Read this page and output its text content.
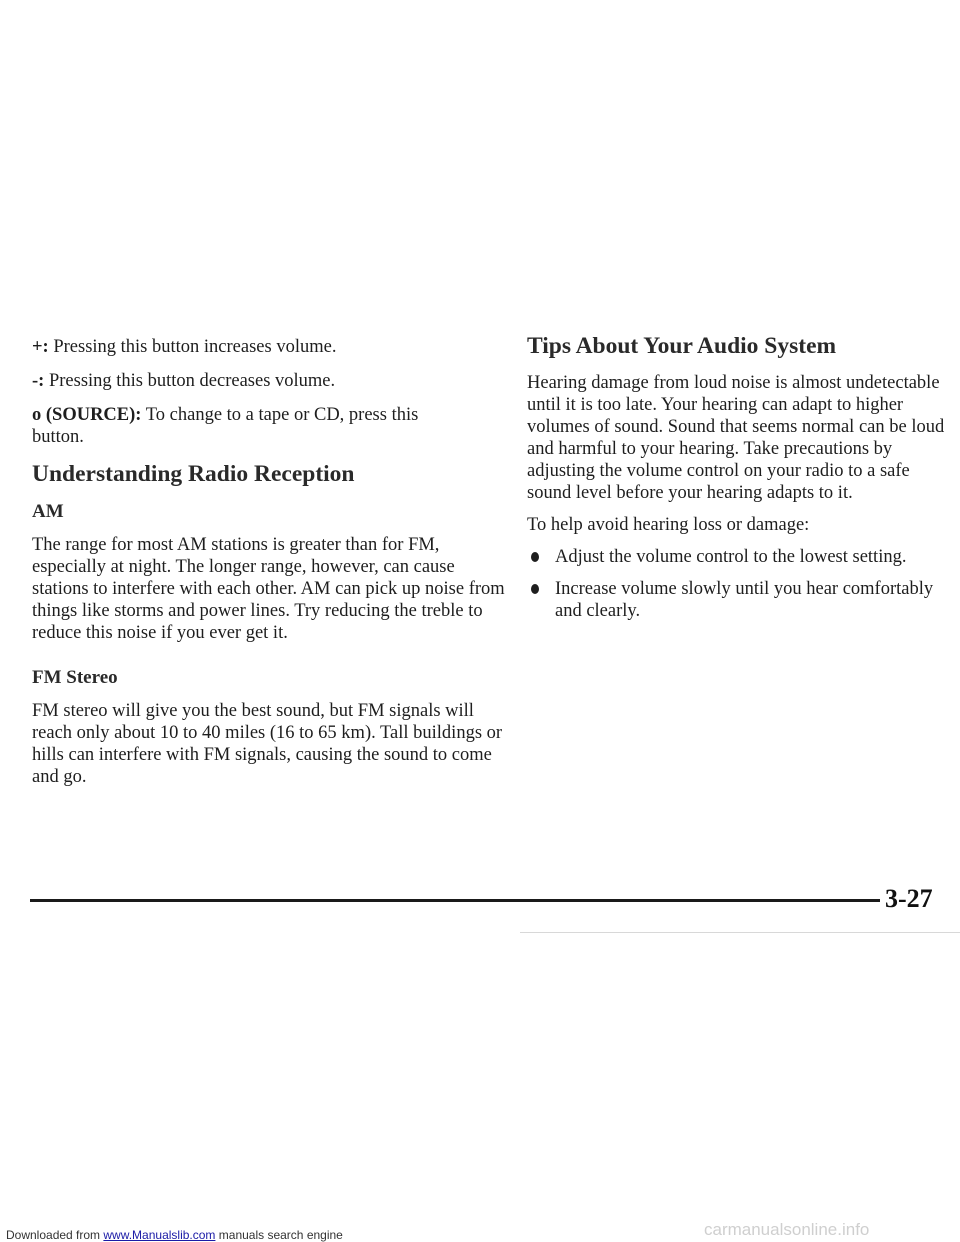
+: Pressing this button increases volume.

-: Pressing this button decreases volume.

o (SOURCE): To change to a tape or CD, press this button.

Understanding Radio Reception
AM

The range for most AM stations is greater than for FM, especially at night. The longer range, however, can cause stations to interfere with each other. AM can pick up noise from things like storms and power lines. Try reducing the treble to reduce this noise if you ever get it.

FM Stereo

FM stereo will give you the best sound, but FM signals will reach only about 10 to 40 miles (16 to 65 km). Tall buildings or hills can interfere with FM signals, causing the sound to come and go.

Tips About Your Audio System

Hearing damage from loud noise is almost undetectable until it is too late. Your hearing can adapt to higher volumes of sound. Sound that seems normal can be loud and harmful to your hearing. Take precautions by adjusting the volume control on your radio to a safe sound level before your hearing adapts to it.

To help avoid hearing loss or damage:

Adjust the volume control to the lowest setting.
Increase volume slowly until you hear comfortably and clearly.
3-27
Downloaded from www.Manualslib.com manuals search engine	carmanualsonline.info
